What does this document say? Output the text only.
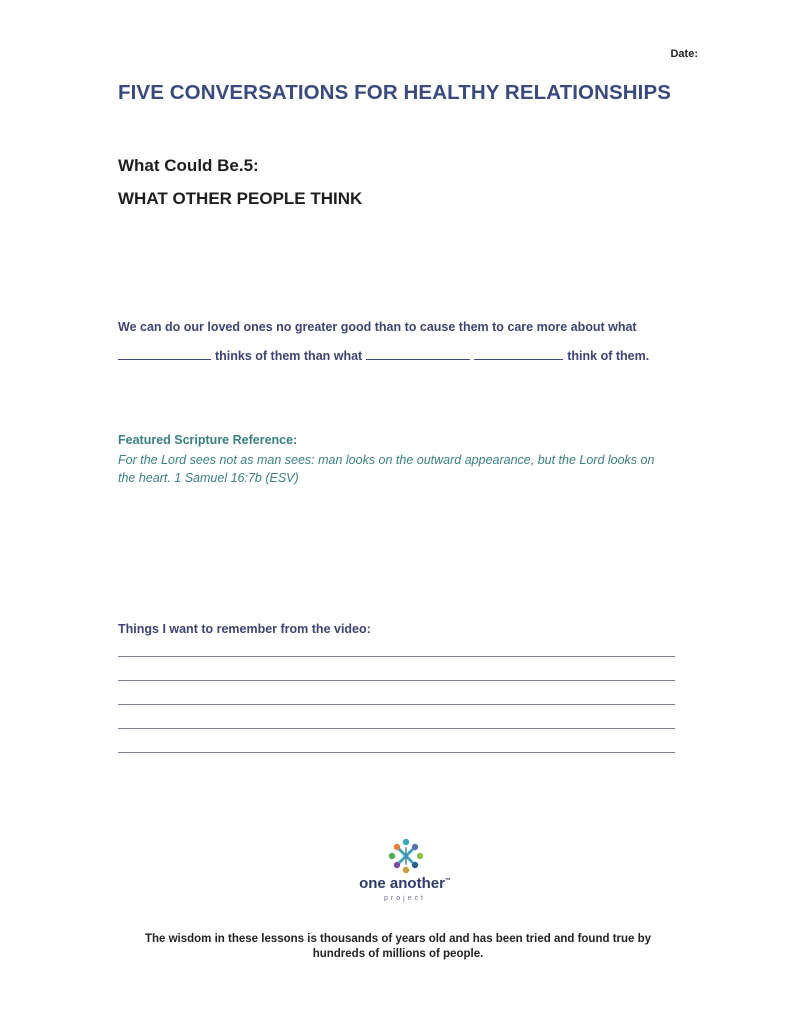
Date:
FIVE CONVERSATIONS FOR HEALTHY RELATIONSHIPS
What Could Be.5:
WHAT OTHER PEOPLE THINK
We can do our loved ones no greater good than to cause them to care more about what
thinks of them than what	think of them.
Featured Scripture Reference:
For the Lord sees not as man sees: man looks on the outward appearance, but the Lord looks on the heart. 1 Samuel 16:7b (ESV)
Things I want to remember from the video:
one another™
project
The wisdom in these lessons is thousands of years old and has been tried and found true by hundreds of millions of people.
